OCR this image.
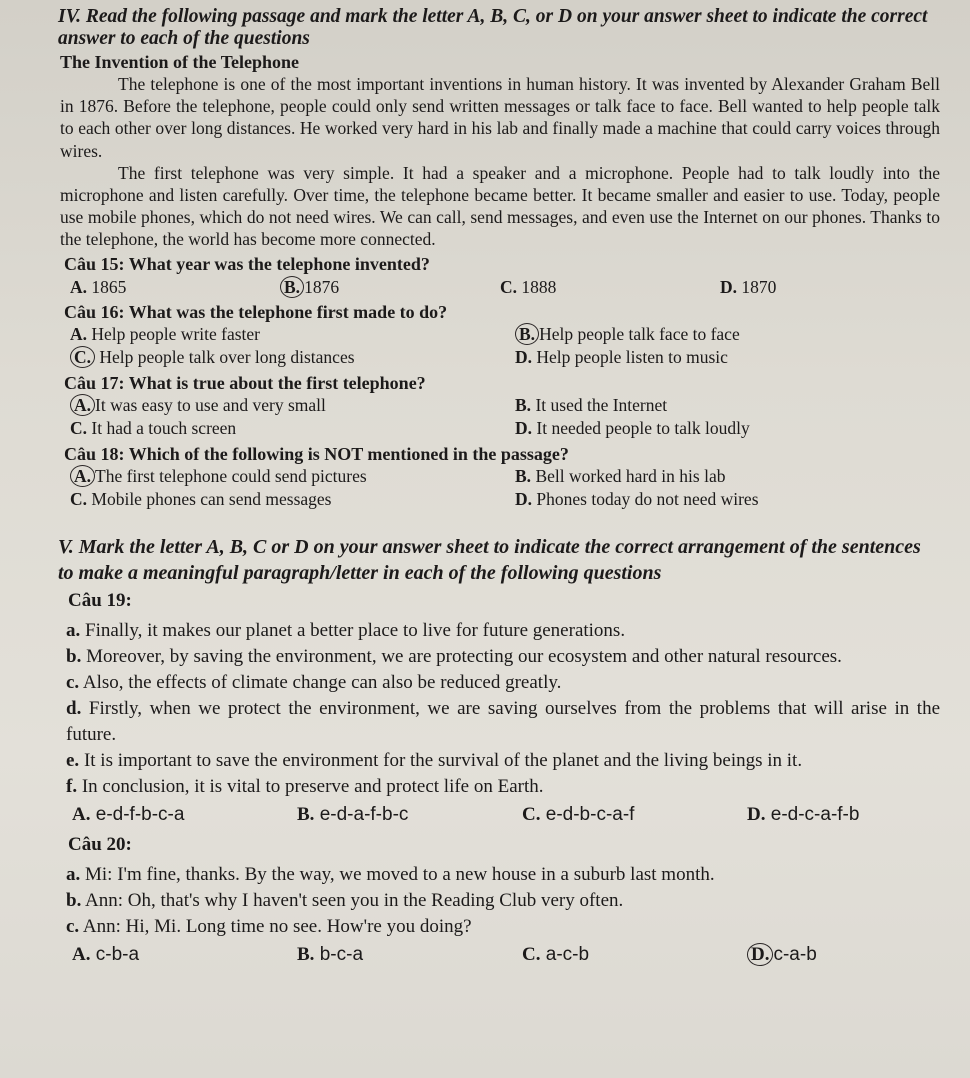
IV. Read the following passage and mark the letter A, B, C, or D on your answer sheet to indicate the correct answer to each of the questions

The Invention of the Telephone

The telephone is one of the most important inventions in human history. It was invented by Alexander Graham Bell in 1876. Before the telephone, people could only send written messages or talk face to face. Bell wanted to help people talk to each other over long distances. He worked very hard in his lab and finally made a machine that could carry voices through wires.

The first telephone was very simple. It had a speaker and a microphone. People had to talk loudly into the microphone and listen carefully. Over time, the telephone became better. It became smaller and easier to use. Today, people use mobile phones, which do not need wires. We can call, send messages, and even use the Internet on our phones. Thanks to the telephone, the world has become more connected.

Câu 15: What year was the telephone invented?

A. 1865	B. 1876	C. 1888	D. 1870

Câu 16: What was the telephone first made to do?

A. Help people write faster	B. Help people talk face to face
C. Help people talk over long distances	D. Help people listen to music

Câu 17: What is true about the first telephone?

A. It was easy to use and very small	B. It used the Internet
C. It had a touch screen	D. It needed people to talk loudly

Câu 18: Which of the following is NOT mentioned in the passage?

A. The first telephone could send pictures	B. Bell worked hard in his lab
C. Mobile phones can send messages	D. Phones today do not need wires

V. Mark the letter A, B, C or D on your answer sheet to indicate the correct arrangement of the sentences to make a meaningful paragraph/letter in each of the following questions

Câu 19:

a. Finally, it makes our planet a better place to live for future generations.

b. Moreover, by saving the environment, we are protecting our ecosystem and other natural resources.

c. Also, the effects of climate change can also be reduced greatly.

d. Firstly, when we protect the environment, we are saving ourselves from the problems that will arise in the future.

e. It is important to save the environment for the survival of the planet and the living beings in it.

f. In conclusion, it is vital to preserve and protect life on Earth.

A. e-d-f-b-c-a	B. e-d-a-f-b-c	C. e-d-b-c-a-f	D. e-d-c-a-f-b

Câu 20:

a. Mi: I'm fine, thanks. By the way, we moved to a new house in a suburb last month.

b. Ann: Oh, that's why I haven't seen you in the Reading Club very often.

c. Ann: Hi, Mi. Long time no see. How're you doing?

A. c-b-a	B. b-c-a	C. a-c-b	D. c-a-b
